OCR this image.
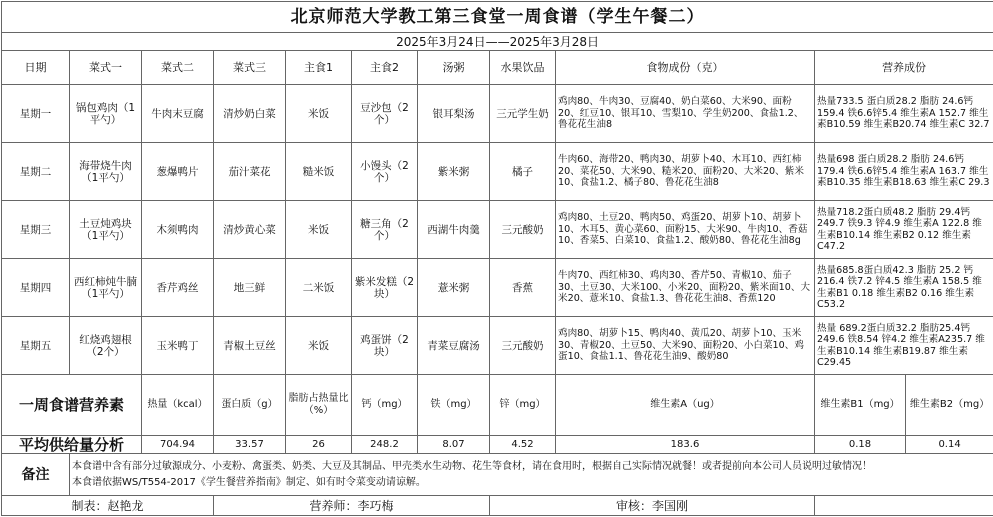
北京师范大学教工第三食堂一周食谱（学生午餐二）											
2025年3月24日——2025年3月28日											
日期	菜式一	菜式二	菜式三	主食1	主食2	汤粥	水果饮品	食物成份（克）	营养成份		
星期一	锅包鸡肉（1平勺）	牛肉末豆腐	清炒奶白菜	米饭	豆沙包（2个）	银耳梨汤	三元学生奶	鸡肉80、牛肉30、豆腐40、奶白菜60、大米90、面粉20、红豆10、银耳10、雪梨10、学生奶200、食盐1.2、鲁花花生油8	热量733.5 蛋白质28.2 脂肪 24.6钙159.4 铁6.6锌5.4 维生素A 152.7 维生素B10.59 维生素B20.74 维生素C 32.7		
星期二	海带烧牛肉（1平勺）	葱爆鸭片	茄汁菜花	糙米饭	小馒头（2个）	紫米粥	橘子	牛肉60、海带20、鸭肉30、胡萝卜40、木耳10、西红柿20、菜花50、大米90、糙米20、面粉20、大米20、紫米10、食盐1.2、橘子80、鲁花花生油8	热量698 蛋白质28.2 脂肪 24.6钙179.4 铁6.6锌5.4 维生素A 163.7 维生素B10.35 维生素B18.63 维生素C 29.3		
星期三	土豆炖鸡块（1平勺）	木须鸭肉	清炒黄心菜	米饭	糖三角（2个）	西湖牛肉羹	三元酸奶	鸡肉80、土豆20、鸭肉50、鸡蛋20、胡萝卜10、胡萝卜10、木耳5、黄心菜60、面粉15、大米90、牛肉10、香菇10、香菜5、白菜10、食盐1.2、酸奶80、鲁花花生油8g	热量718.2蛋白质48.2 脂肪 29.4钙249.7 铁9.3 锌4.9 维生素A 122.8 维生素B10.14 维生素B2 0.12 维生素C47.2		
星期四	西红柿炖牛腩（1平勺）	香芹鸡丝	地三鲜	二米饭	紫米发糕（2块）	薏米粥	香蕉	牛肉70、西红柿30、鸡肉30、香芹50、青椒10、茄子30、土豆30、大米100、小米20、面粉20、紫米面10、大米20、薏米10、食盐1.3、鲁花花生油8、香蕉120	热量685.8蛋白质42.3 脂肪 25.2 钙216.4 铁7.2 锌4.5 维生素A 158.5 维生素B1 0.18 维生素B2 0.16 维生素C53.2		
星期五	红烧鸡翅根（2个）	玉米鸭丁	青椒土豆丝	米饭	鸡蛋饼（2块）	青菜豆腐汤	三元酸奶	鸡肉80、胡萝卜15、鸭肉40、黄瓜20、胡萝卜10、玉米30、青椒20、土豆50、大米90、面粉20、小白菜10、鸡蛋10、食盐1.1、鲁花花生油9、酸奶80	热量 689.2蛋白质32.2 脂肪25.4钙249.6 铁8.54 锌4.2 维生素A235.7 维生素B10.14 维生素B19.87 维生素C29.45		
一周食谱营养素		热量（kcal）	蛋白质（g）	脂肪占热量比（%）	钙（mg）	铁（mg）	锌（mg）	维生素A（ug）	维生素B1（mg）	维生素B2（mg）	
平均供给量分析		704.94	33.57	26	248.2	8.07	4.52	183.6	0.18	0.14	
备注	本食谱中含有部分过敏源成分、小麦粉、禽蛋类、奶类、大豆及其制品、甲壳类水生动物、花生等食材，请在食用时，根据自己实际情况就餐！或者提前向本公司人员说明过敏情况！
本食谱依据WS/T554-2017《学生餐营养指南》制定、如有时令菜变动请谅解。										

制表：赵艳龙			营养师：李巧梅				审核：李国刚				
